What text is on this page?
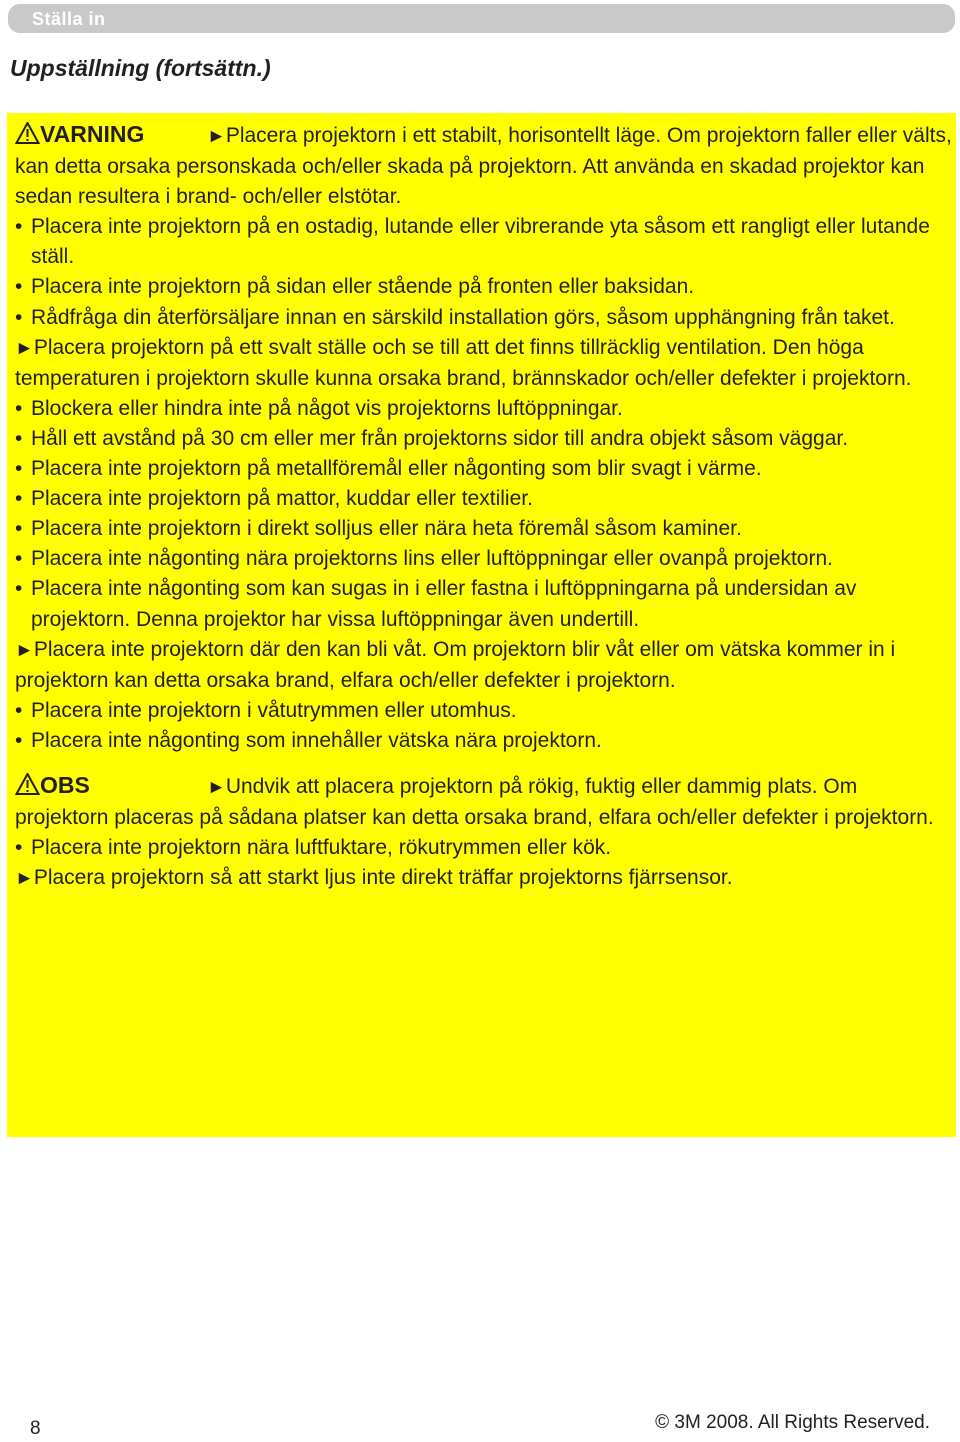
Ställa in
Uppställning (fortsättn.)

VARNING	►Placera projektorn i ett stabilt, horisontellt läge. Om projektorn faller eller välts, kan detta orsaka personskada och/eller skada på projektorn. Att använda en skadad projektor kan sedan resultera i brand- och/eller elstötar.

• Placera inte projektorn på en ostadig, lutande eller vibrerande yta såsom ett rangligt eller lutande ställ.

• Placera inte projektorn på sidan eller stående på fronten eller baksidan.

• Rådfråga din återförsäljare innan en särskild installation görs, såsom upphängning från taket.

►Placera projektorn på ett svalt ställe och se till att det finns tillräcklig ventilation. Den höga temperaturen i projektorn skulle kunna orsaka brand, brännskador och/eller defekter i projektorn.

• Blockera eller hindra inte på något vis projektorns luftöppningar.

• Håll ett avstånd på 30 cm eller mer från projektorns sidor till andra objekt såsom väggar.

• Placera inte projektorn på metallföremål eller någonting som blir svagt i värme.

• Placera inte projektorn på mattor, kuddar eller textilier.

• Placera inte projektorn i direkt solljus eller nära heta föremål såsom kaminer.

• Placera inte någonting nära projektorns lins eller luftöppningar eller ovanpå projektorn.

• Placera inte någonting som kan sugas in i eller fastna i luftöppningarna på undersidan av projektorn. Denna projektor har vissa luftöppningar även undertill.

►Placera inte projektorn där den kan bli våt. Om projektorn blir våt eller om vätska kommer in i projektorn kan detta orsaka brand, elfara och/eller defekter i projektorn.

• Placera inte projektorn i våtutrymmen eller utomhus.

• Placera inte någonting som innehåller vätska nära projektorn.

OBS	►Undvik att placera projektorn på rökig, fuktig eller dammig plats. Om projektorn placeras på sådana platser kan detta orsaka brand, elfara och/eller defekter i projektorn.

• Placera inte projektorn nära luftfuktare, rökutrymmen eller kök.

►Placera projektorn så att starkt ljus inte direkt träffar projektorns fjärrsensor.

8	© 3M 2008. All Rights Reserved.
